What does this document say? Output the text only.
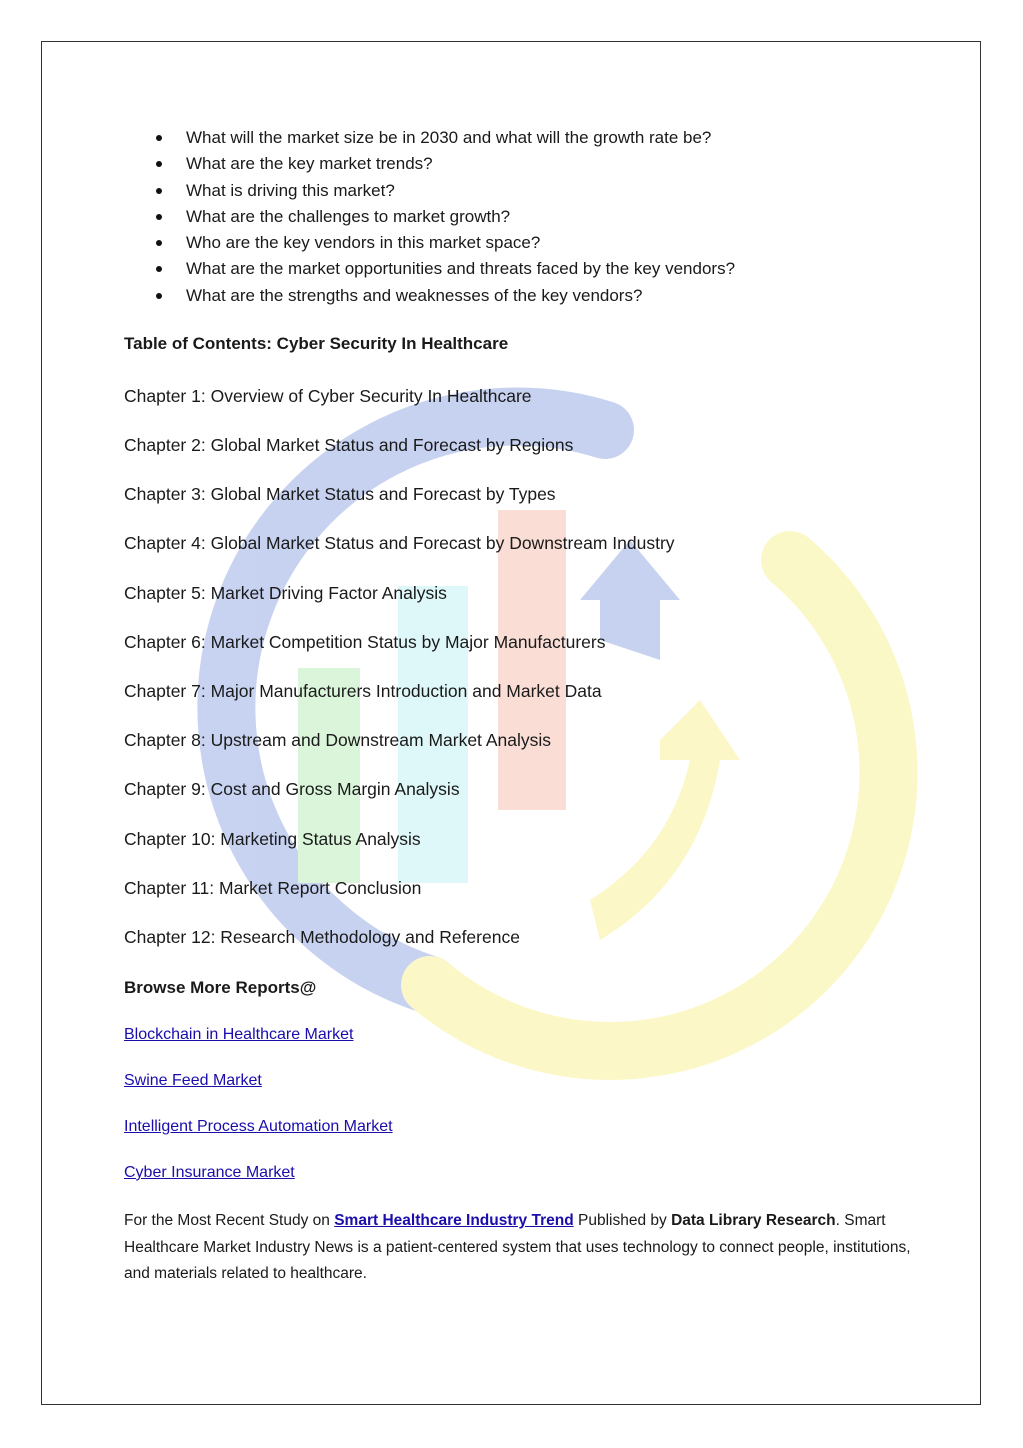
What will the market size be in 2030 and what will the growth rate be?
What are the key market trends?
What is driving this market?
What are the challenges to market growth?
Who are the key vendors in this market space?
What are the market opportunities and threats faced by the key vendors?
What are the strengths and weaknesses of the key vendors?
Table of Contents: Cyber Security In Healthcare
Chapter 1: Overview of Cyber Security In Healthcare
Chapter 2: Global Market Status and Forecast by Regions
Chapter 3: Global Market Status and Forecast by Types
Chapter 4: Global Market Status and Forecast by Downstream Industry
Chapter 5: Market Driving Factor Analysis
Chapter 6: Market Competition Status by Major Manufacturers
Chapter 7: Major Manufacturers Introduction and Market Data
Chapter 8: Upstream and Downstream Market Analysis
Chapter 9: Cost and Gross Margin Analysis
Chapter 10: Marketing Status Analysis
Chapter 11: Market Report Conclusion
Chapter 12: Research Methodology and Reference
Browse More Reports@
Blockchain in Healthcare Market
Swine Feed Market
Intelligent Process Automation Market
Cyber Insurance Market

For the Most Recent Study on Smart Healthcare Industry Trend Published by Data Library Research. Smart Healthcare Market Industry News is a patient-centered system that uses technology to connect people, institutions, and materials related to healthcare.
